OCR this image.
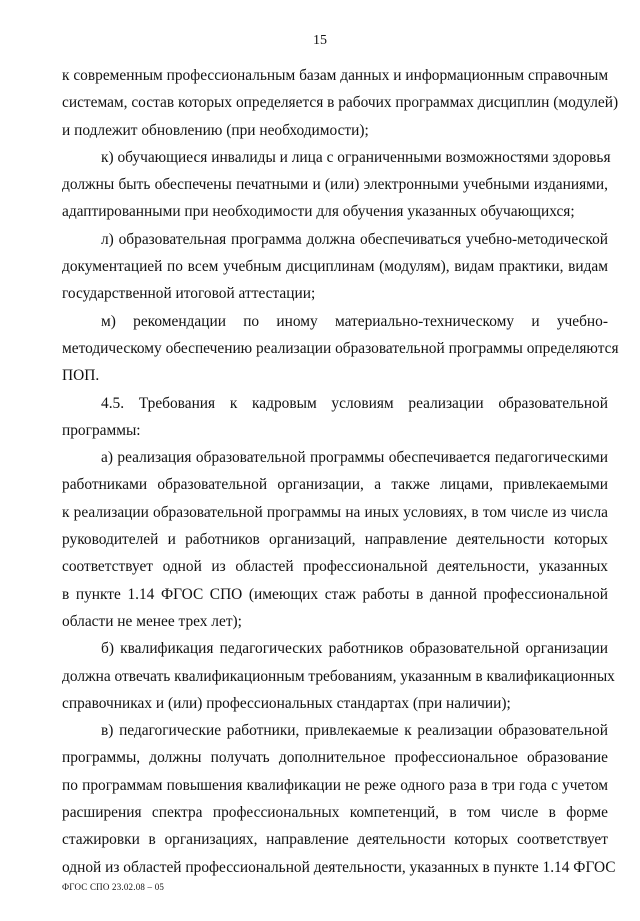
15
к современным профессиональным базам данных и информационным справочным
системам, состав которых определяется в рабочих программах дисциплин (модулей)
и подлежит обновлению (при необходимости);
к) обучающиеся инвалиды и лица с ограниченными возможностями здоровья
должны быть обеспечены печатными и (или) электронными учебными изданиями,
адаптированными при необходимости для обучения указанных обучающихся;
л) образовательная программа должна обеспечиваться учебно-методической
документацией по всем учебным дисциплинам (модулям), видам практики, видам
государственной итоговой аттестации;
м) рекомендации по иному материально-техническому и учебно-
методическому обеспечению реализации образовательной программы определяются
ПОП.
4.5. Требования к кадровым условиям реализации образовательной
программы:
а) реализация образовательной программы обеспечивается педагогическими
работниками образовательной организации, а также лицами, привлекаемыми
к реализации образовательной программы на иных условиях, в том числе из числа
руководителей и работников организаций, направление деятельности которых
соответствует одной из областей профессиональной деятельности, указанных
в пункте 1.14 ФГОС СПО (имеющих стаж работы в данной профессиональной
области не менее трех лет);
б) квалификация педагогических работников образовательной организации
должна отвечать квалификационным требованиям, указанным в квалификационных
справочниках и (или) профессиональных стандартах (при наличии);
в) педагогические работники, привлекаемые к реализации образовательной
программы, должны получать дополнительное профессиональное образование
по программам повышения квалификации не реже одного раза в три года с учетом
расширения спектра профессиональных компетенций, в том числе в форме
стажировки в организациях, направление деятельности которых соответствует
одной из областей профессиональной деятельности, указанных в пункте 1.14 ФГОС
ФГОС СПО 23.02.08 – 05
